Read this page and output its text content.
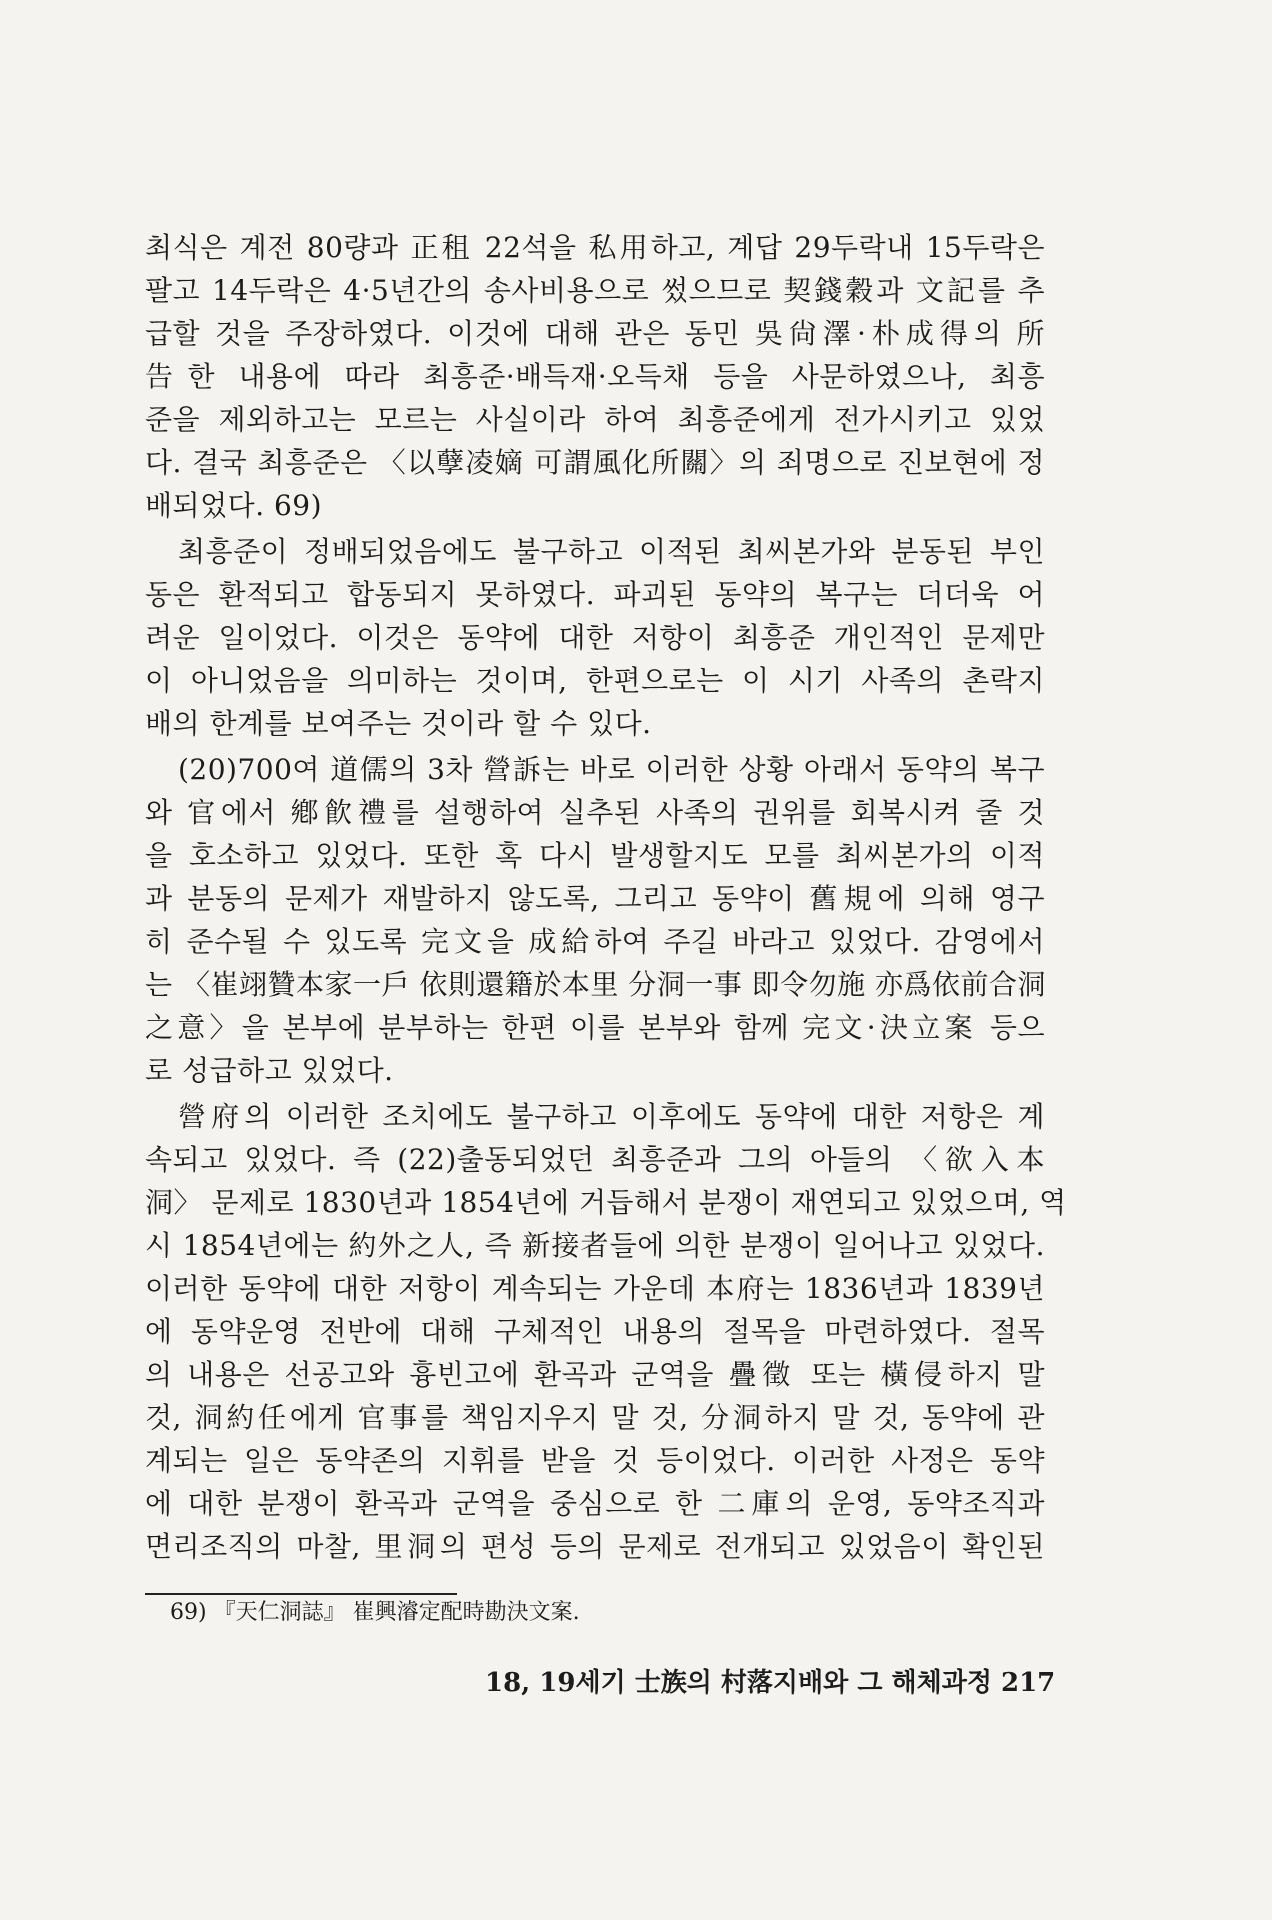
최식은 계전 80량과 正租 22석을 私用하고, 계답 29두락내 15두락은
팔고 14두락은 4·5년간의 송사비용으로 썼으므로 契錢穀과 文記를 추
급할 것을 주장하였다. 이것에 대해 관은 동민 吳尙澤·朴成得의 所
告한 내용에 따라 최흥준·배득재·오득채 등을 사문하였으나, 최흥
준을 제외하고는 모르는 사실이라 하여 최흥준에게 전가시키고 있었
다. 결국 최흥준은 〈以孽凌嫡 可謂風化所關〉의 죄명으로 진보현에 정
배되었다. 69)
최흥준이 정배되었음에도 불구하고 이적된 최씨본가와 분동된 부인
동은 환적되고 합동되지 못하였다. 파괴된 동약의 복구는 더더욱 어
려운 일이었다. 이것은 동약에 대한 저항이 최흥준 개인적인 문제만
이 아니었음을 의미하는 것이며, 한편으로는 이 시기 사족의 촌락지
배의 한계를 보여주는 것이라 할 수 있다.
(20)700여 道儒의 3차 營訴는 바로 이러한 상황 아래서 동약의 복구
와 官에서 鄕飮禮를 설행하여 실추된 사족의 권위를 회복시켜 줄 것
을 호소하고 있었다. 또한 혹 다시 발생할지도 모를 최씨본가의 이적
과 분동의 문제가 재발하지 않도록, 그리고 동약이 舊規에 의해 영구
히 준수될 수 있도록 完文을 成給하여 주길 바라고 있었다. 감영에서
는 〈崔翊贊本家一戶 依則還籍於本里 分洞一事 即令勿施 亦爲依前合洞
之意〉을 본부에 분부하는 한편 이를 본부와 함께 完文·決立案 등으
로 성급하고 있었다.
營府의 이러한 조치에도 불구하고 이후에도 동약에 대한 저항은 계
속되고 있었다. 즉 (22)출동되었던 최흥준과 그의 아들의 〈欲入本
洞〉 문제로 1830년과 1854년에 거듭해서 분쟁이 재연되고 있었으며, 역
시 1854년에는 約外之人, 즉 新接者들에 의한 분쟁이 일어나고 있었다.
이러한 동약에 대한 저항이 계속되는 가운데 本府는 1836년과 1839년
에 동약운영 전반에 대해 구체적인 내용의 절목을 마련하였다. 절목
의 내용은 선공고와 흉빈고에 환곡과 군역을 疊徵 또는 橫侵하지 말
것, 洞約任에게 官事를 책임지우지 말 것, 分洞하지 말 것, 동약에 관
계되는 일은 동약존의 지휘를 받을 것 등이었다. 이러한 사정은 동약
에 대한 분쟁이 환곡과 군역을 중심으로 한 二庫의 운영, 동약조직과
면리조직의 마찰, 里洞의 편성 등의 문제로 전개되고 있었음이 확인된
69) 『天仁洞誌』 崔興濬定配時勘決文案.
18, 19세기 士族의 村落지배와 그 해체과정 217
